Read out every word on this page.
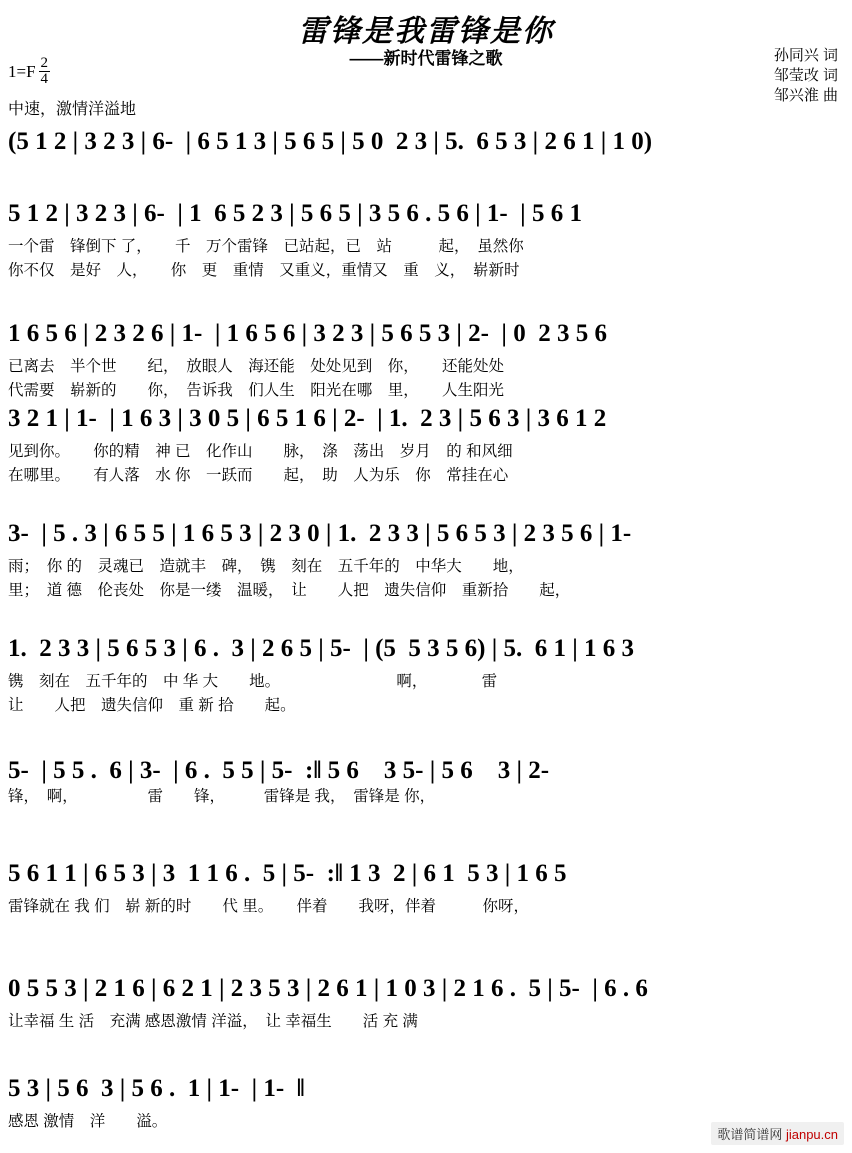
雷锋是我雷锋是你
——新时代雷锋之歌
$1=F \frac{2}{4}$
孙同兴 词
邹莹改 词
邹兴淮 曲
中速，激情洋溢地
(5 1 2 | 3 2 3 | 6-  | 6 5 1 3 | 5 6 5 | 5 0  2 3 | 5.  6 5 3 | 2 6 1 | 1 0)
5 1 2 | 3 2 3 | 6-  | 1  6 5 2 3 | 5 6 5 | 3 5 6 . 5 6 | 1-  | 5 6 1
一个雷　锋倒下 了，　　千　万个雷锋　已站起，已　站　　　起，　虽然你
你不仅　是好　人，　　你　更　重情　又重义，重情又　重　义，　崭新时
1 6 5 6 | 2 3 2 6 | 1-  | 1 6 5 6 | 3 2 3 | 5 6 5 3 | 2-  | 0  2 3 5 6
已离去　半个世　　纪，　放眼人　海还能　处处见到　你，　　还能处处
代需要　崭新的　　你，　告诉我　们人生　阳光在哪　里，　　人生阳光
3 2 1 | 1-  | 1 6 3 | 3 0 5 | 6 5 1 6 | 2-  | 1.  2 3 | 5 6 3 | 3 6 1 2
见到你。　　你的精　神 已　化作山　　脉，　涤　荡出　岁月　的 和风细
在哪里。　　有人落　水 你　一跃而　　起，　助　人为乐　你　常挂在心
3-  | 5 . 3 | 6 5 5 | 1 6 5 3 | 2 3 0 | 1.  2 3 3 | 5 6 5 3 | 2 3 5 6 | 1-
雨；　你 的　灵魂已　造就丰　碑，　镌　刻在　五千年的　中华大　　地，
里；　道 德　伦丧处　你是一缕　温暖，　让　　人把　遗失信仰　重新拾　　起，
1.  2 3 3 | 5 6 5 3 | 6 .  3 | 2 6 5 | 5-  | (5  5 3 5 6) | 5.  6 1 | 1 6 3
镌　刻在　五千年的　中 华 大　　地。　　　　　　　　啊，　　　　雷
让　　人把　遗失信仰　重 新 拾　　起。
5-  | 5 5 .  6 | 3-  | 6 .  5 5 | 5-  :‖ 5 6　3 5- | 5 6　3 | 2-
锋，　啊，　　　　　雷　　锋，　　　雷锋是 我，　雷锋是 你，
5 6 1 1 | 6 5 3 | 3  1 1 6 .  5 | 5-  :‖ 1 3  2 | 6 1  5 3 | 1 6 5
雷锋就在 我 们　崭 新的时　　代 里。　　伴着　　我呀，伴着　　　你呀，
0 5 5 3 | 2 1 6 | 6 2 1 | 2 3 5 3 | 2 6 1 | 1 0 3 | 2 1 6 .  5 | 5-  | 6 . 6
让幸福 生 活　充满 感恩激情 洋溢，　让 幸福生　　活 充 满
5 3 | 5 6  3 | 5 6 .  1 | 1-  | 1-  ‖
感恩 激情　洋　　溢。
歌谱简谱网 jianpu.cn
